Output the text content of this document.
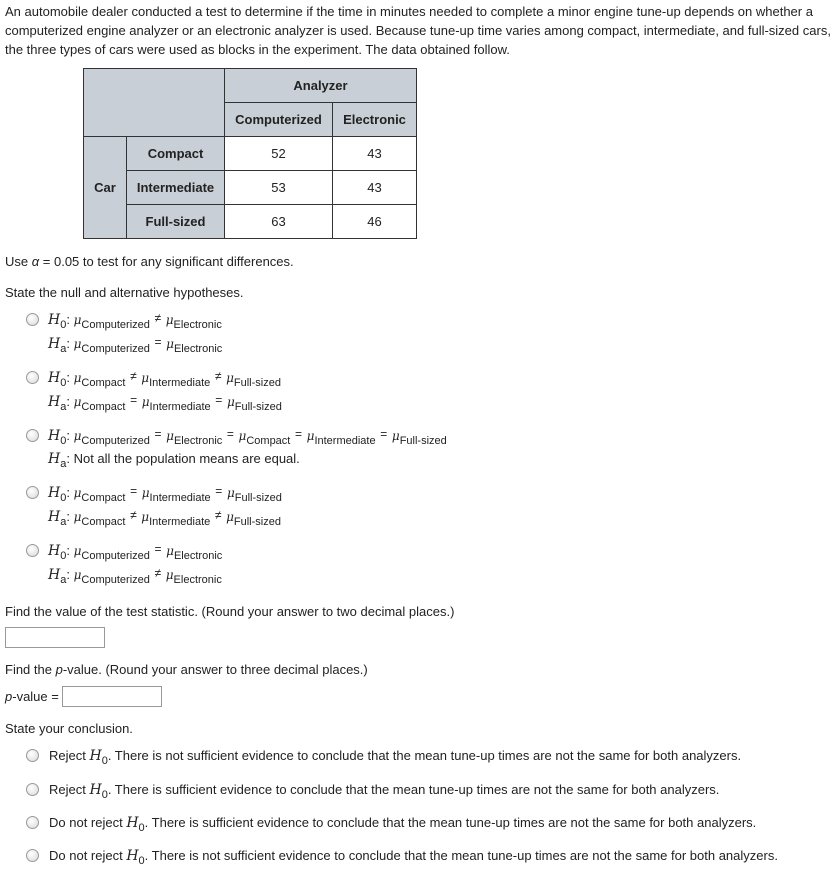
An automobile dealer conducted a test to determine if the time in minutes needed to complete a minor engine tune-up depends on whether a computerized engine analyzer or an electronic analyzer is used. Because tune-up time varies among compact, intermediate, and full-sized cars, the three types of cars were used as blocks in the experiment. The data obtained follow.

		Analyzer	
		Computerized	Electronic
Car	Compact	52	43
	Intermediate	53	43
	Full-sized	63	46

Use α = 0.05 to test for any significant differences.

State the null and alternative hypotheses.

$H_0$: $\mu_{Computerized} \ne \mu_{Electronic}$
$H_a$: $\mu_{Computerized} = \mu_{Electronic}$
$H_0$: $\mu_{Compact} \ne \mu_{Intermediate} \ne \mu_{Full-sized}$
$H_a$: $\mu_{Compact} = \mu_{Intermediate} = \mu_{Full-sized}$
$H_0$: $\mu_{Computerized} = \mu_{Electronic} = \mu_{Compact} = \mu_{Intermediate} = \mu_{Full-sized}$
$H_a$: Not all the population means are equal.
$H_0$: $\mu_{Compact} = \mu_{Intermediate} = \mu_{Full-sized}$
$H_a$: $\mu_{Compact} \ne \mu_{Intermediate} \ne \mu_{Full-sized}$
$H_0$: $\mu_{Computerized} = \mu_{Electronic}$
$H_a$: $\mu_{Computerized} \ne \mu_{Electronic}$

Find the value of the test statistic. (Round your answer to two decimal places.)

Find the p-value. (Round your answer to three decimal places.)

p-value =

State your conclusion.

Reject $H_0$. There is not sufficient evidence to conclude that the mean tune-up times are not the same for both analyzers.
Reject $H_0$. There is sufficient evidence to conclude that the mean tune-up times are not the same for both analyzers.
Do not reject $H_0$. There is sufficient evidence to conclude that the mean tune-up times are not the same for both analyzers.
Do not reject $H_0$. There is not sufficient evidence to conclude that the mean tune-up times are not the same for both analyzers.
